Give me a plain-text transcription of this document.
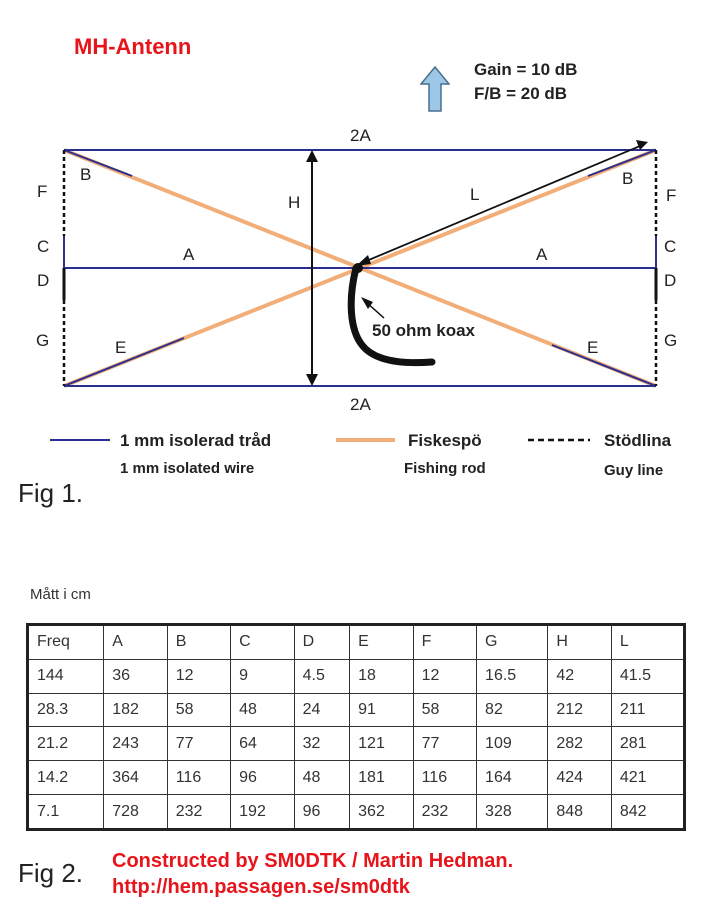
MH-Antenn
Gain = 10 dB
F/B = 20 dB
2A
2A
H	L
A	A
B	B
E	E
F	F
C	C
D	D
G	G
50 ohm koax
1 mm isolerad tråd
1 mm isolated wire
Fiskespö
Fishing rod
Stödlina
Guy line
Fig 1.
Mått i cm
Freq	A	B	C	D	E	F	G	H	L
144	36	12	9	4.5	18	12	16.5	42	41.5
28.3	182	58	48	24	91	58	82	212	211
21.2	243	77	64	32	121	77	109	282	281
14.2	364	116	96	48	181	116	164	424	421
7.1	728	232	192	96	362	232	328	848	842
Fig 2. Constructed by SM0DTK / Martin Hedman.
http://hem.passagen.se/sm0dtk
